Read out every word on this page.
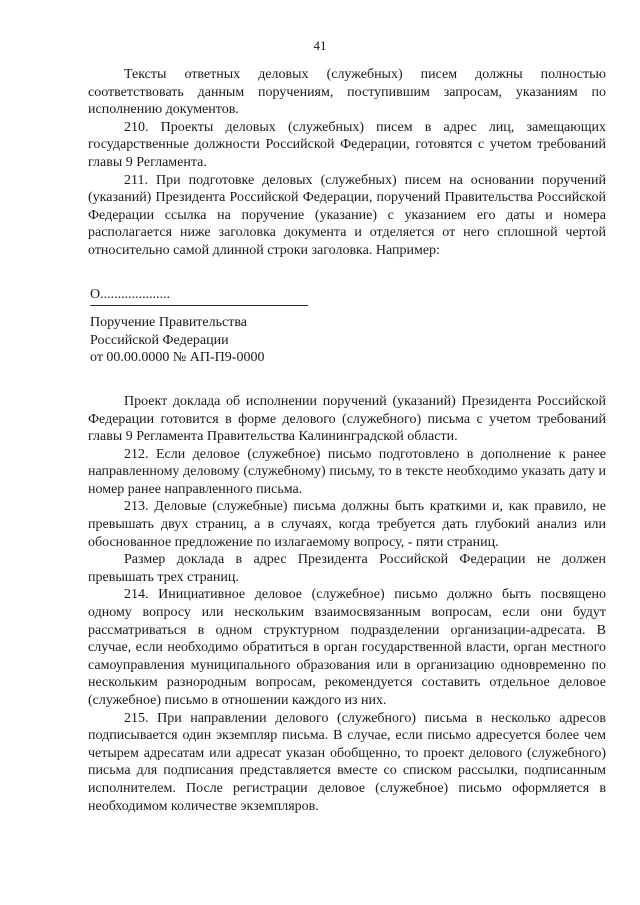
41

Тексты ответных деловых (служебных) писем должны полностью соответствовать данным поручениям, поступившим запросам, указаниям по исполнению документов.

210. Проекты деловых (служебных) писем в адрес лиц, замещающих государственные должности Российской Федерации, готовятся с учетом требований главы 9 Регламента.

211. При подготовке деловых (служебных) писем на основании поручений (указаний) Президента Российской Федерации, поручений Правительства Российской Федерации ссылка на поручение (указание) с указанием его даты и номера располагается ниже заголовка документа и отделяется от него сплошной чертой относительно самой длинной строки заголовка. Например:

О....................
Поручение Правительства
Российской Федерации
от 00.00.0000 № АП-П9-0000

Проект доклада об исполнении поручений (указаний) Президента Российской Федерации готовится в форме делового (служебного) письма с учетом требований главы 9 Регламента Правительства Калининградской области.

212. Если деловое (служебное) письмо подготовлено в дополнение к ранее направленному деловому (служебному) письму, то в тексте необходимо указать дату и номер ранее направленного письма.

213. Деловые (служебные) письма должны быть краткими и, как правило, не превышать двух страниц, а в случаях, когда требуется дать глубокий анализ или обоснованное предложение по излагаемому вопросу, - пяти страниц.

Размер доклада в адрес Президента Российской Федерации не должен превышать трех страниц.

214. Инициативное деловое (служебное) письмо должно быть посвящено одному вопросу или нескольким взаимосвязанным вопросам, если они будут рассматриваться в одном структурном подразделении организации-адресата. В случае, если необходимо обратиться в орган государственной власти, орган местного самоуправления муниципального образования или в организацию одновременно по нескольким разнородным вопросам, рекомендуется составить отдельное деловое (служебное) письмо в отношении каждого из них.

215. При направлении делового (служебного) письма в несколько адресов подписывается один экземпляр письма. В случае, если письмо адресуется более чем четырем адресатам или адресат указан обобщенно, то проект делового (служебного) письма для подписания представляется вместе со списком рассылки, подписанным исполнителем. После регистрации деловое (служебное) письмо оформляется в необходимом количестве экземпляров.
